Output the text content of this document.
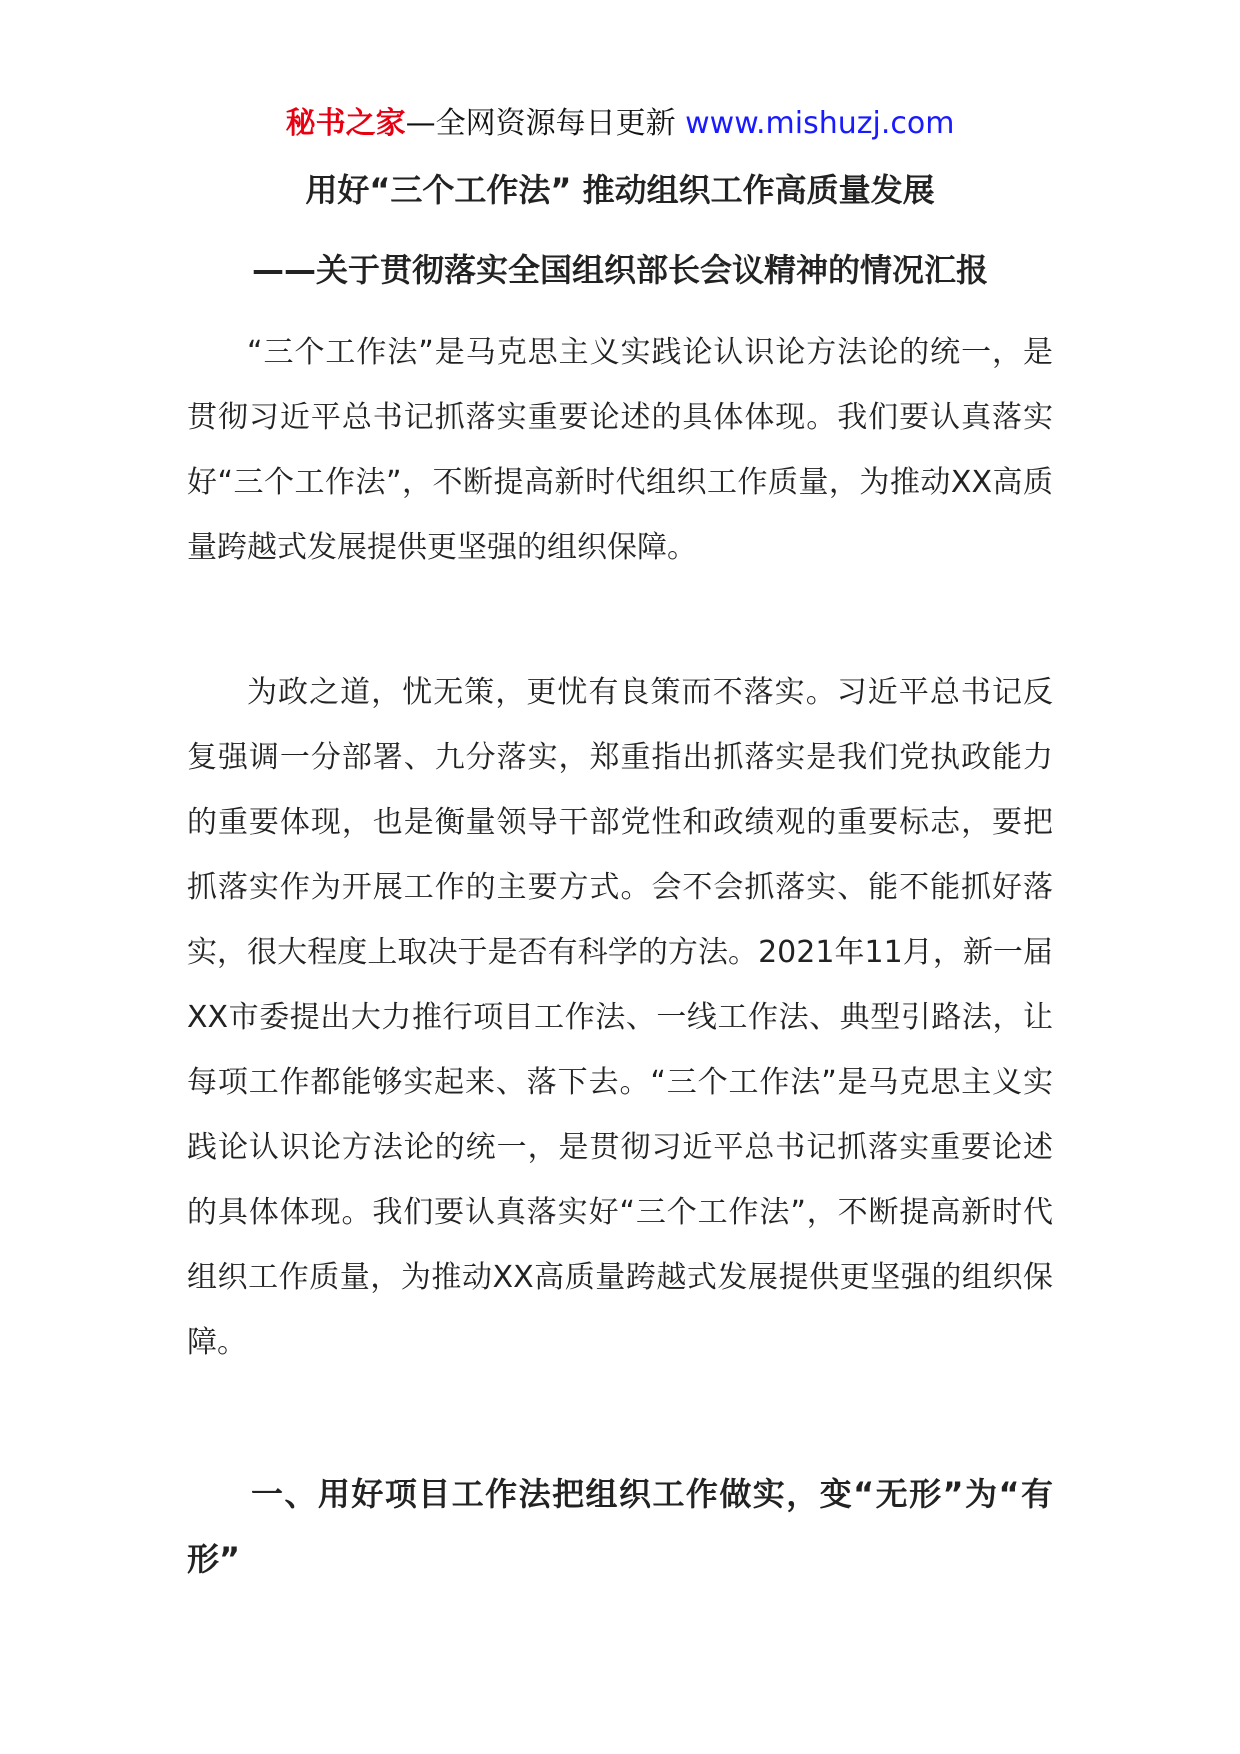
秘书之家—全网资源每日更新 www.mishuzj.com
用好“三个工作法” 推动组织工作高质量发展
——关于贯彻落实全国组织部长会议精神的情况汇报

“三个工作法”是马克思主义实践论认识论方法论的统一，是贯彻习近平总书记抓落实重要论述的具体体现。我们要认真落实好“三个工作法”，不断提高新时代组织工作质量，为推动XX高质量跨越式发展提供更坚强的组织保障。

为政之道，忧无策，更忧有良策而不落实。习近平总书记反复强调一分部署、九分落实，郑重指出抓落实是我们党执政能力的重要体现，也是衡量领导干部党性和政绩观的重要标志，要把抓落实作为开展工作的主要方式。会不会抓落实、能不能抓好落实，很大程度上取决于是否有科学的方法。2021年11月，新一届XX市委提出大力推行项目工作法、一线工作法、典型引路法，让每项工作都能够实起来、落下去。“三个工作法”是马克思主义实践论认识论方法论的统一，是贯彻习近平总书记抓落实重要论述的具体体现。我们要认真落实好“三个工作法”，不断提高新时代组织工作质量，为推动XX高质量跨越式发展提供更坚强的组织保障。

一、用好项目工作法把组织工作做实，变“无形”为“有形”
